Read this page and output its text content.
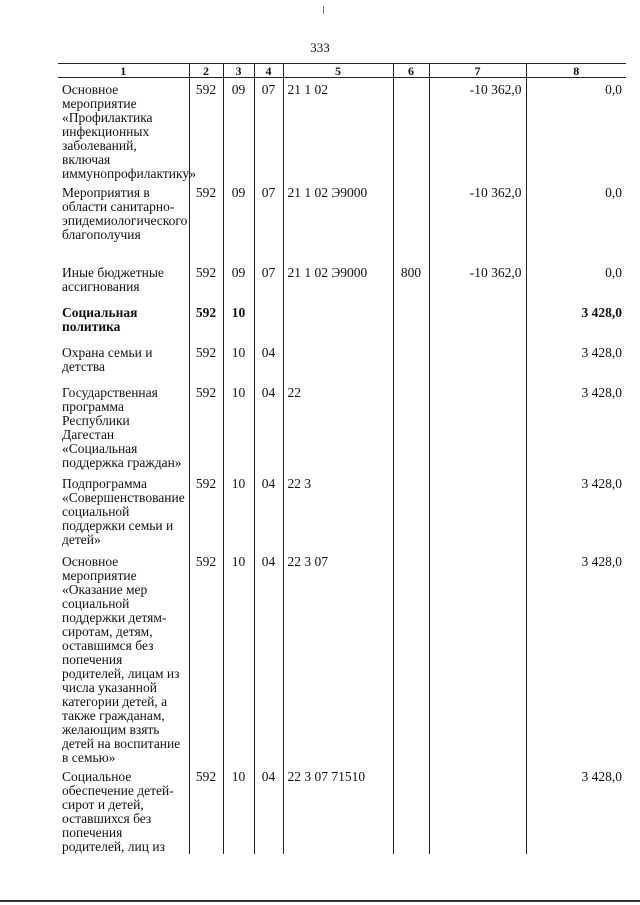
333
1	2	3	4	5	6	7	8

Основное мероприятие «Профилактика инфекционных заболеваний, включая иммунопрофилактику»	592	09	07	21 1 02		-10 362,0	0,0

Мероприятия в области санитарно-эпидемиологического благополучия	592	09	07	21 1 02 Э9000		-10 362,0	0,0

Иные бюджетные ассигнования	592	09	07	21 1 02 Э9000	800	-10 362,0	0,0

Социальная политика	592	10					3 428,0

Охрана семьи и детства	592	10	04				3 428,0

Государственная программа Республики Дагестан «Социальная поддержка граждан»	592	10	04	22			3 428,0

Подпрограмма «Совершенствование социальной поддержки семьи и детей»	592	10	04	22 3			3 428,0

Основное мероприятие «Оказание мер социальной поддержки детям-сиротам, детям, оставшимся без попечения родителей, лицам из числа указанной категории детей, а также гражданам, желающим взять детей на воспитание в семью»	592	10	04	22 3 07			3 428,0

Социальное обеспечение детей-сирот и детей, оставшихся без попечения родителей, лиц из	592	10	04	22 3 07 71510			3 428,0
